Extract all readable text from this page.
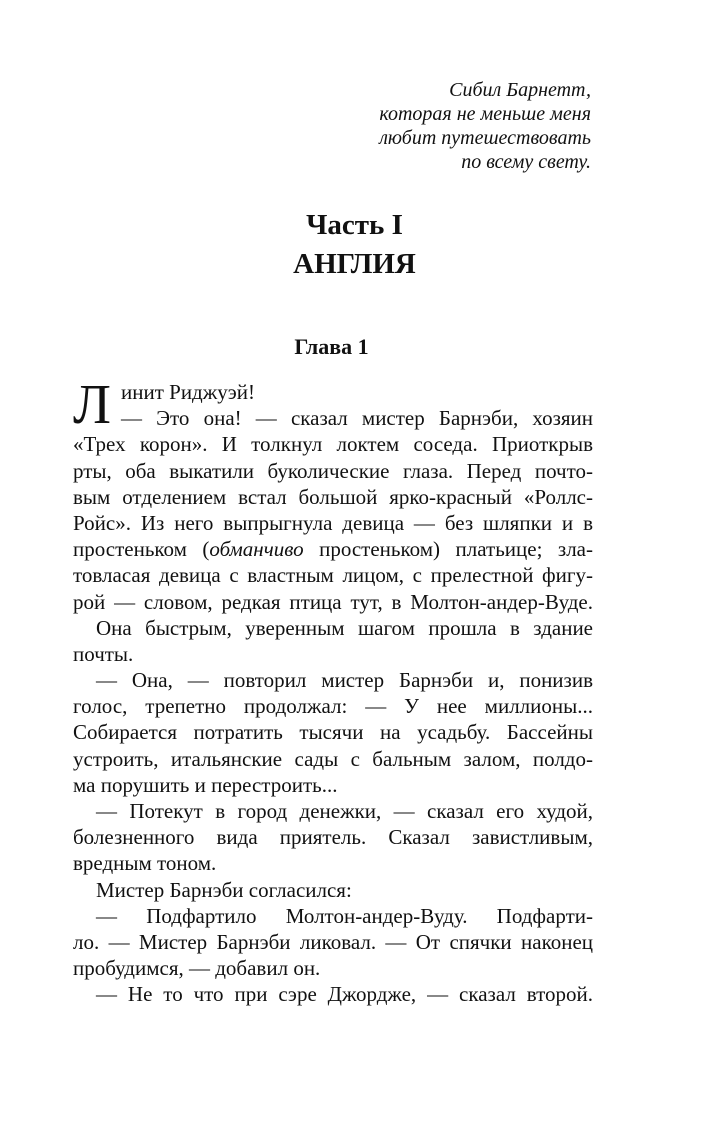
Сибил Барнетт,
которая не меньше меня
любит путешествовать
по всему свету.
Часть I
АНГЛИЯ
Глава 1
Л инит Риджуэй!
— Это она! — сказал мистер Барнэби, хозяин
«Трех корон». И толкнул локтем соседа. Приоткрыв
рты, оба выкатили буколические глаза. Перед почто-
вым отделением встал большой ярко-красный «Роллс-
Ройс». Из него выпрыгнула девица — без шляпки и в
простеньком (обманчиво простеньком) платьице; зла-
товласая девица с властным лицом, с прелестной фигу-
рой — словом, редкая птица тут, в Молтон-андер-Вуде.
Она быстрым, уверенным шагом прошла в здание
почты.
— Она, — повторил мистер Барнэби и, понизив
голос, трепетно продолжал: — У неe миллионы...
Собирается потратить тысячи на усадьбу. Бассейны
устроить, итальянские сады с бальным залом, полдо-
ма порушить и перестроить...
— Потекут в город денежки, — сказал его худой,
болезненного вида приятель. Сказал завистливым,
вредным тоном.
Мистер Барнэби согласился:
— Подфартило Молтон-андер-Вуду. Подфарти-
ло. — Мистер Барнэби ликовал. — От спячки наконец
пробудимся, — добавил он.
— Не то что при сэре Джордже, — сказал второй.
